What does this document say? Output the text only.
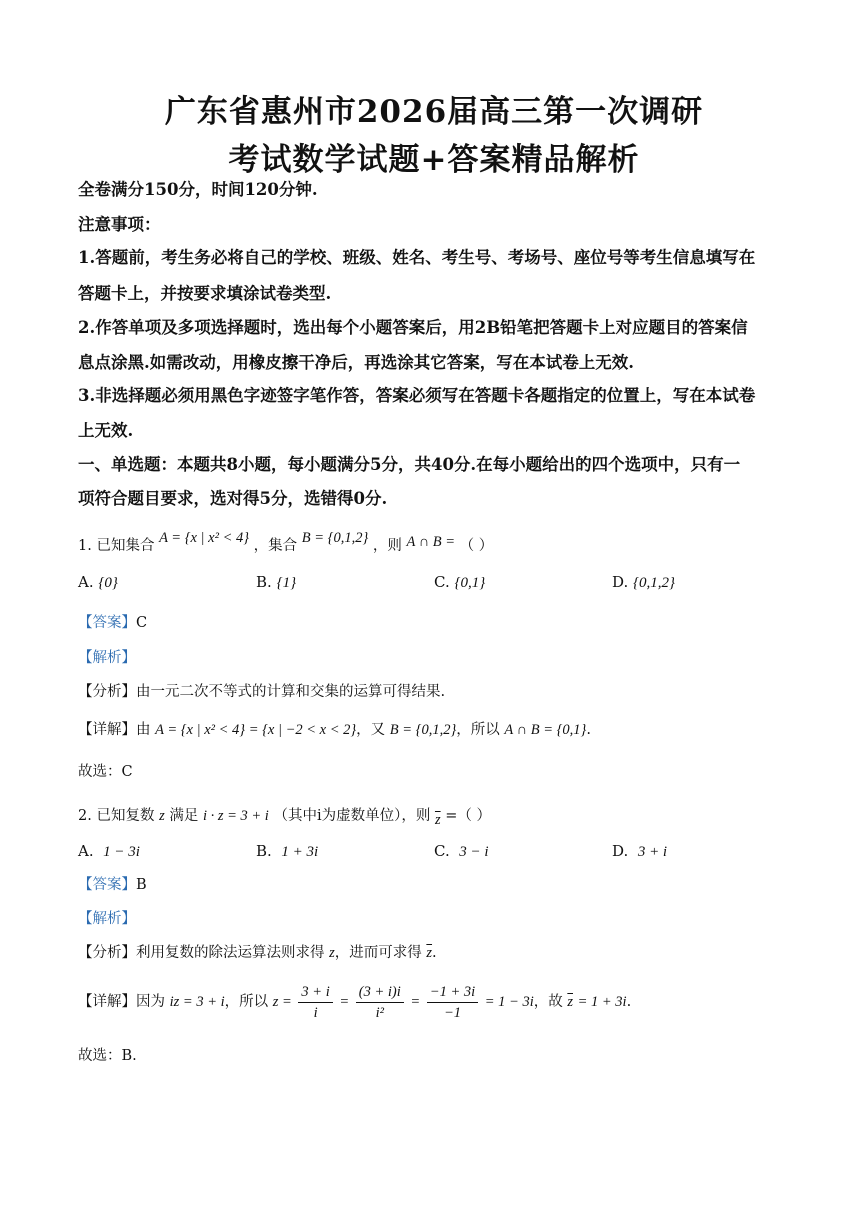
广东省惠州市2026届高三第一次调研
考试数学试题+答案精品解析
全卷满分150分，时间120分钟.
注意事项：
1.答题前，考生务必将自己的学校、班级、姓名、考生号、考场号、座位号等考生信息填写在
答题卡上，并按要求填涂试卷类型.
2.作答单项及多项选择题时，选出每个小题答案后，用2B铅笔把答题卡上对应题目的答案信
息点涂黑.如需改动，用橡皮擦干净后，再选涂其它答案，写在本试卷上无效.
3.非选择题必须用黑色字迹签字笔作答，答案必须写在答题卡各题指定的位置上，写在本试卷
上无效.
一、单选题：本题共8小题，每小题满分5分，共40分.在每小题给出的四个选项中，只有一
项符合题目要求，选对得5分，选错得0分.
1. 已知集合 A = {x | x² < 4} ，集合 B = {0,1,2} ，则 A ∩ B = （ ）
A. {0}	B. {1}	C. {0,1}	D. {0,1,2}
【答案】C
【解析】
【分析】由一元二次不等式的计算和交集的运算可得结果.
【详解】由 A = {x | x² < 4} = {x | −2 < x < 2}，又 B = {0,1,2}，所以 A ∩ B = {0,1}.
故选：C
2. 已知复数 z 满足 i · z = 3 + i （其中i为虚数单位），则 $\overline{z}$ =（ ）
A. 1 − 3i	B. 1 + 3i	C. 3 − i	D. 3 + i
【答案】B
【解析】
【分析】利用复数的除法运算法则求得 z，进而可求得 $\overline{z}$.
【详解】因为 iz = 3 + i，所以 $z = \frac{3 + i}{i} = \frac{(3 + i)i}{\text{i²}} = \frac{-1 + 3i}{-1} = 1 - 3i$，故 $\overline{z} = 1 + 3i$.
故选：B.
